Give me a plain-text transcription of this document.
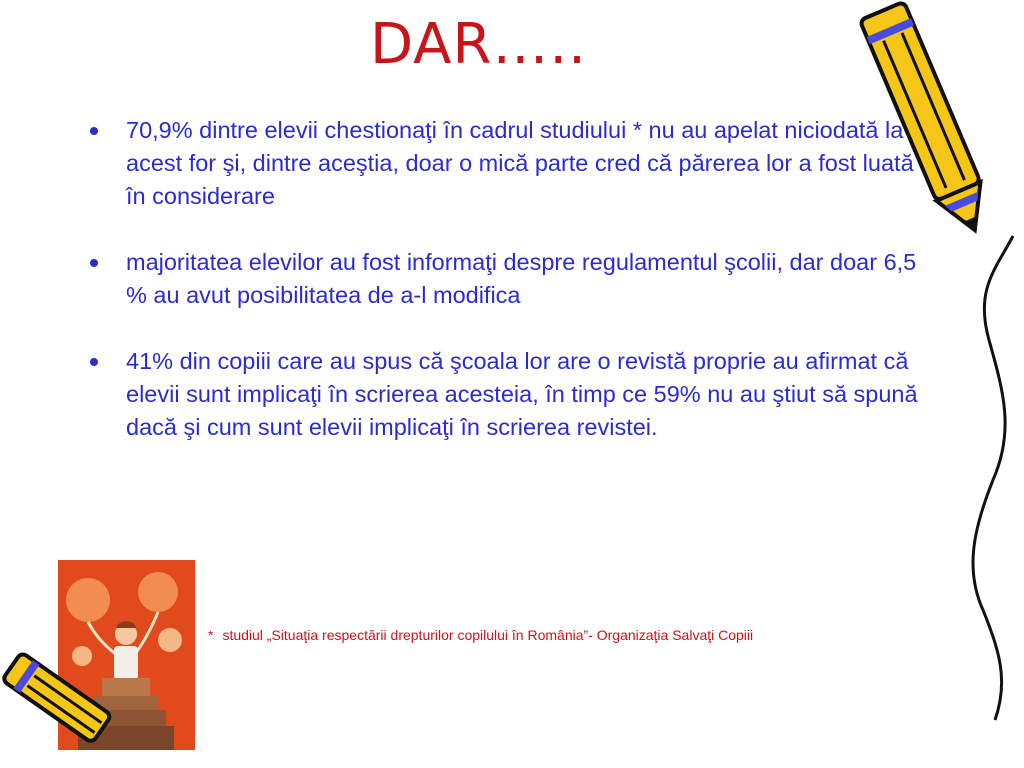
DAR…..
70,9% dintre elevii chestionaţi în cadrul studiului * nu au apelat niciodată la acest for şi, dintre aceştia, doar o mică parte cred că părerea lor a fost luată în considerare
majoritatea elevilor au fost informaţi despre regulamentul şcolii, dar doar 6,5 % au avut posibilitatea de a-l modifica
41% din copiii care au spus că şcoala lor are o revistă proprie au afirmat că elevii sunt implicaţi în scrierea acesteia, în timp ce 59% nu au ştiut să spună dacă şi cum sunt elevii implicaţi în scrierea revistei.
* studiul „Situaţia respectării drepturilor copilului în România”- Organizaţia Salvaţi Copiii
